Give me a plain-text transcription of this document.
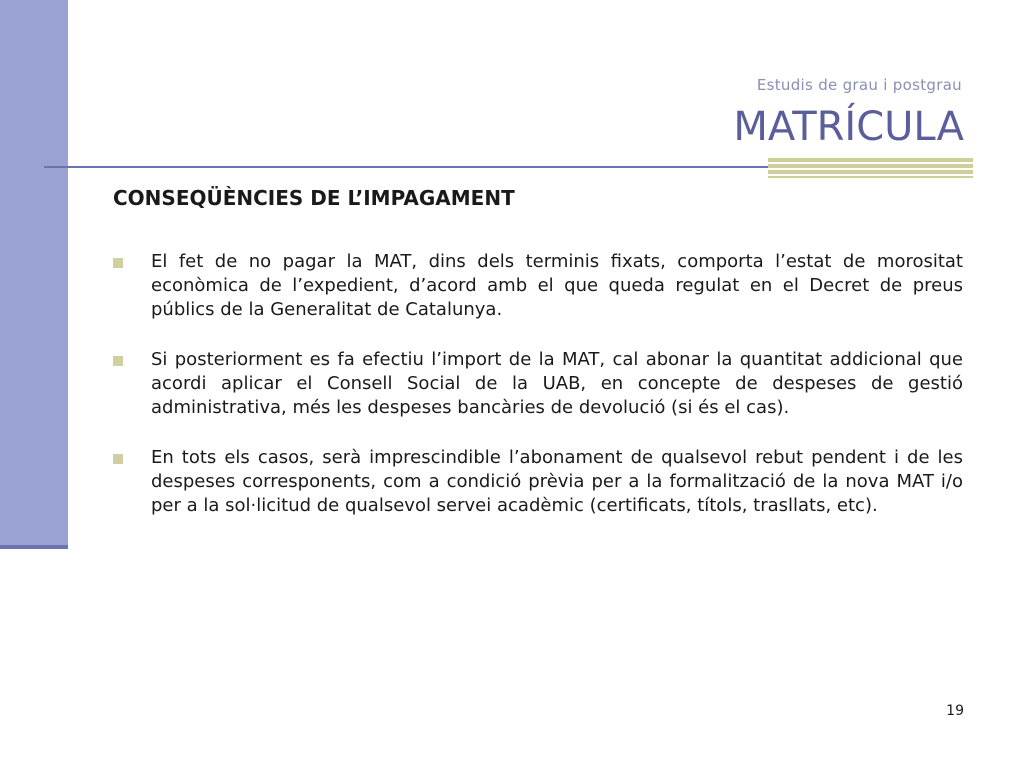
Estudis de grau i postgrau
MATRÍCULA
CONSEQÜÈNCIES DE L’IMPAGAMENT
El fet de no pagar la MAT, dins dels terminis fixats, comporta l’estat de morositat econòmica de l’expedient, d’acord amb el que queda regulat en el Decret de preus públics de la Generalitat de Catalunya.
Si posteriorment es fa efectiu l’import de la MAT, cal abonar la quantitat addicional que acordi aplicar el Consell Social de la UAB, en concepte de despeses de gestió administrativa, més les despeses bancàries de devolució (si és el cas).
En tots els casos, serà imprescindible l’abonament de qualsevol rebut pendent i de les despeses corresponents, com a condició prèvia per a la formalització de la nova MAT i/o per a la sol·licitud de qualsevol servei acadèmic (certificats, títols, trasllats, etc).
19
